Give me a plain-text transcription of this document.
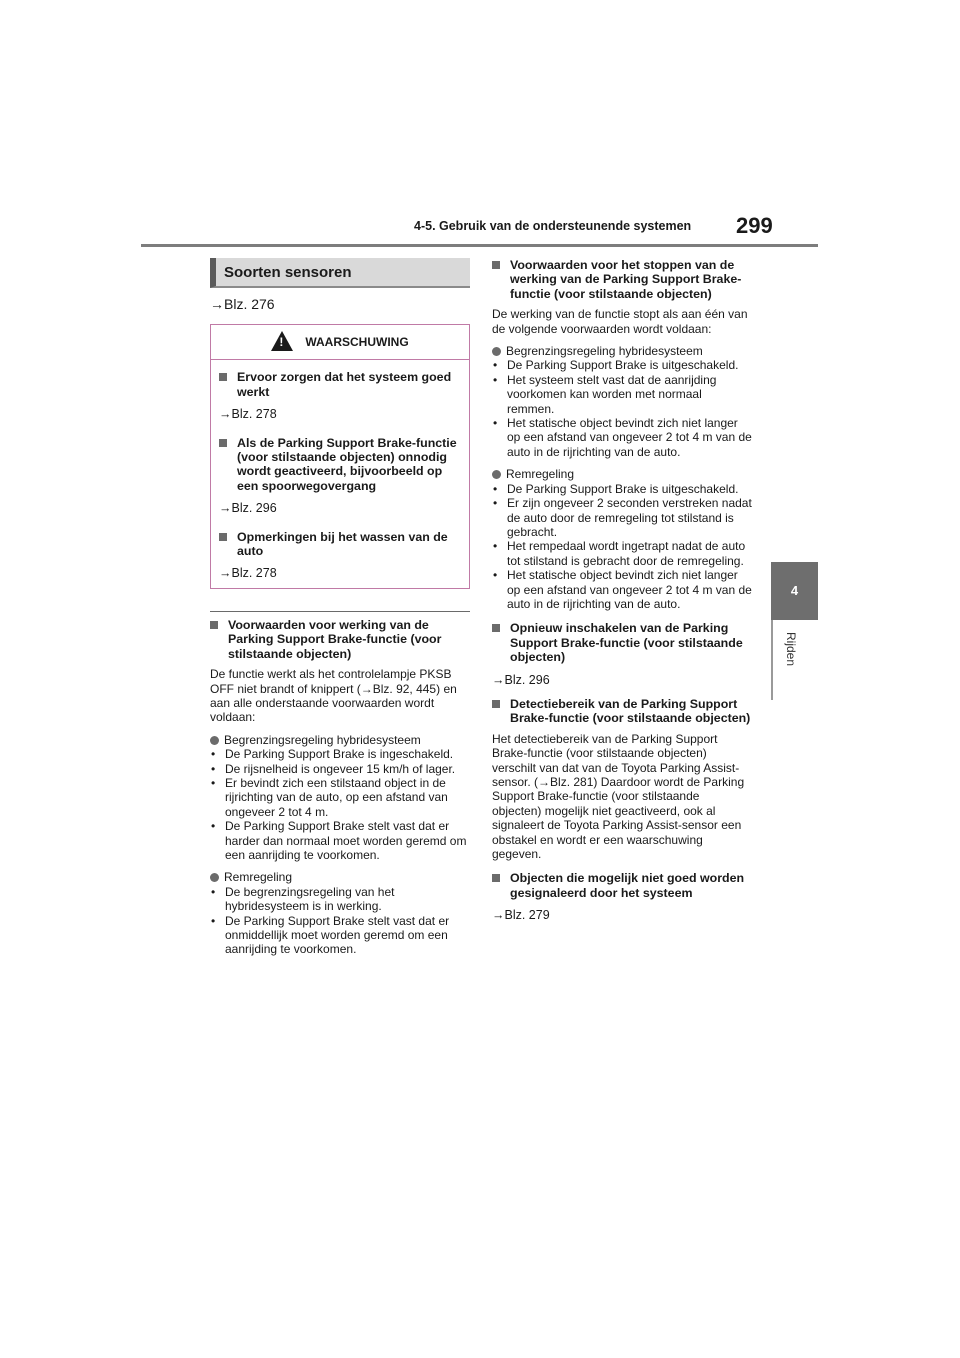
4-5. Gebruik van de ondersteunende systemen 299
4
Rijden
Soorten sensoren
→Blz. 276
!WAARSCHUWING
Ervoor zorgen dat het systeem goed werkt
→Blz. 278
Als de Parking Support Brake-functie (voor stilstaande objecten) onnodig wordt geactiveerd, bijvoorbeeld op een spoorwegovergang
→Blz. 296
Opmerkingen bij het wassen van de auto
→Blz. 278
Voorwaarden voor werking van de Parking Support Brake-functie (voor stilstaande objecten)
De functie werkt als het controlelampje PKSB OFF niet brandt of knippert (→Blz. 92, 445) en aan alle onderstaande voorwaarden wordt voldaan:
Begrenzingsregeling hybridesysteem
• De Parking Support Brake is ingeschakeld.
• De rijsnelheid is ongeveer 15 km/h of lager.
• Er bevindt zich een stilstaand object in de rijrichting van de auto, op een afstand van ongeveer 2 tot 4 m.
• De Parking Support Brake stelt vast dat er harder dan normaal moet worden geremd om een aanrijding te voorkomen.
Remregeling
• De begrenzingsregeling van het hybridesysteem is in werking.
• De Parking Support Brake stelt vast dat er onmiddellijk moet worden geremd om een aanrijding te voorkomen.
Voorwaarden voor het stoppen van de werking van de Parking Support Brake-functie (voor stilstaande objecten)
De werking van de functie stopt als aan één van de volgende voorwaarden wordt voldaan:
Begrenzingsregeling hybridesysteem
• De Parking Support Brake is uitgeschakeld.
• Het systeem stelt vast dat de aanrijding voorkomen kan worden met normaal remmen.
• Het statische object bevindt zich niet langer op een afstand van ongeveer 2 tot 4 m van de auto in de rijrichting van de auto.
Remregeling
• De Parking Support Brake is uitgeschakeld.
• Er zijn ongeveer 2 seconden verstreken nadat de auto door de remregeling tot stilstand is gebracht.
• Het rempedaal wordt ingetrapt nadat de auto tot stilstand is gebracht door de remregeling.
• Het statische object bevindt zich niet langer op een afstand van ongeveer 2 tot 4 m van de auto in de rijrichting van de auto.
Opnieuw inschakelen van de Parking Support Brake-functie (voor stilstaande objecten)
→Blz. 296
Detectiebereik van de Parking Support Brake-functie (voor stilstaande objecten)
Het detectiebereik van de Parking Support Brake-functie (voor stilstaande objecten) verschilt van dat van de Toyota Parking Assist-sensor. (→Blz. 281) Daardoor wordt de Parking Support Brake-functie (voor stilstaande objecten) mogelijk niet geactiveerd, ook al signaleert de Toyota Parking Assist-sensor een obstakel en wordt er een waarschuwing gegeven.
Objecten die mogelijk niet goed worden gesignaleerd door het systeem
→Blz. 279
